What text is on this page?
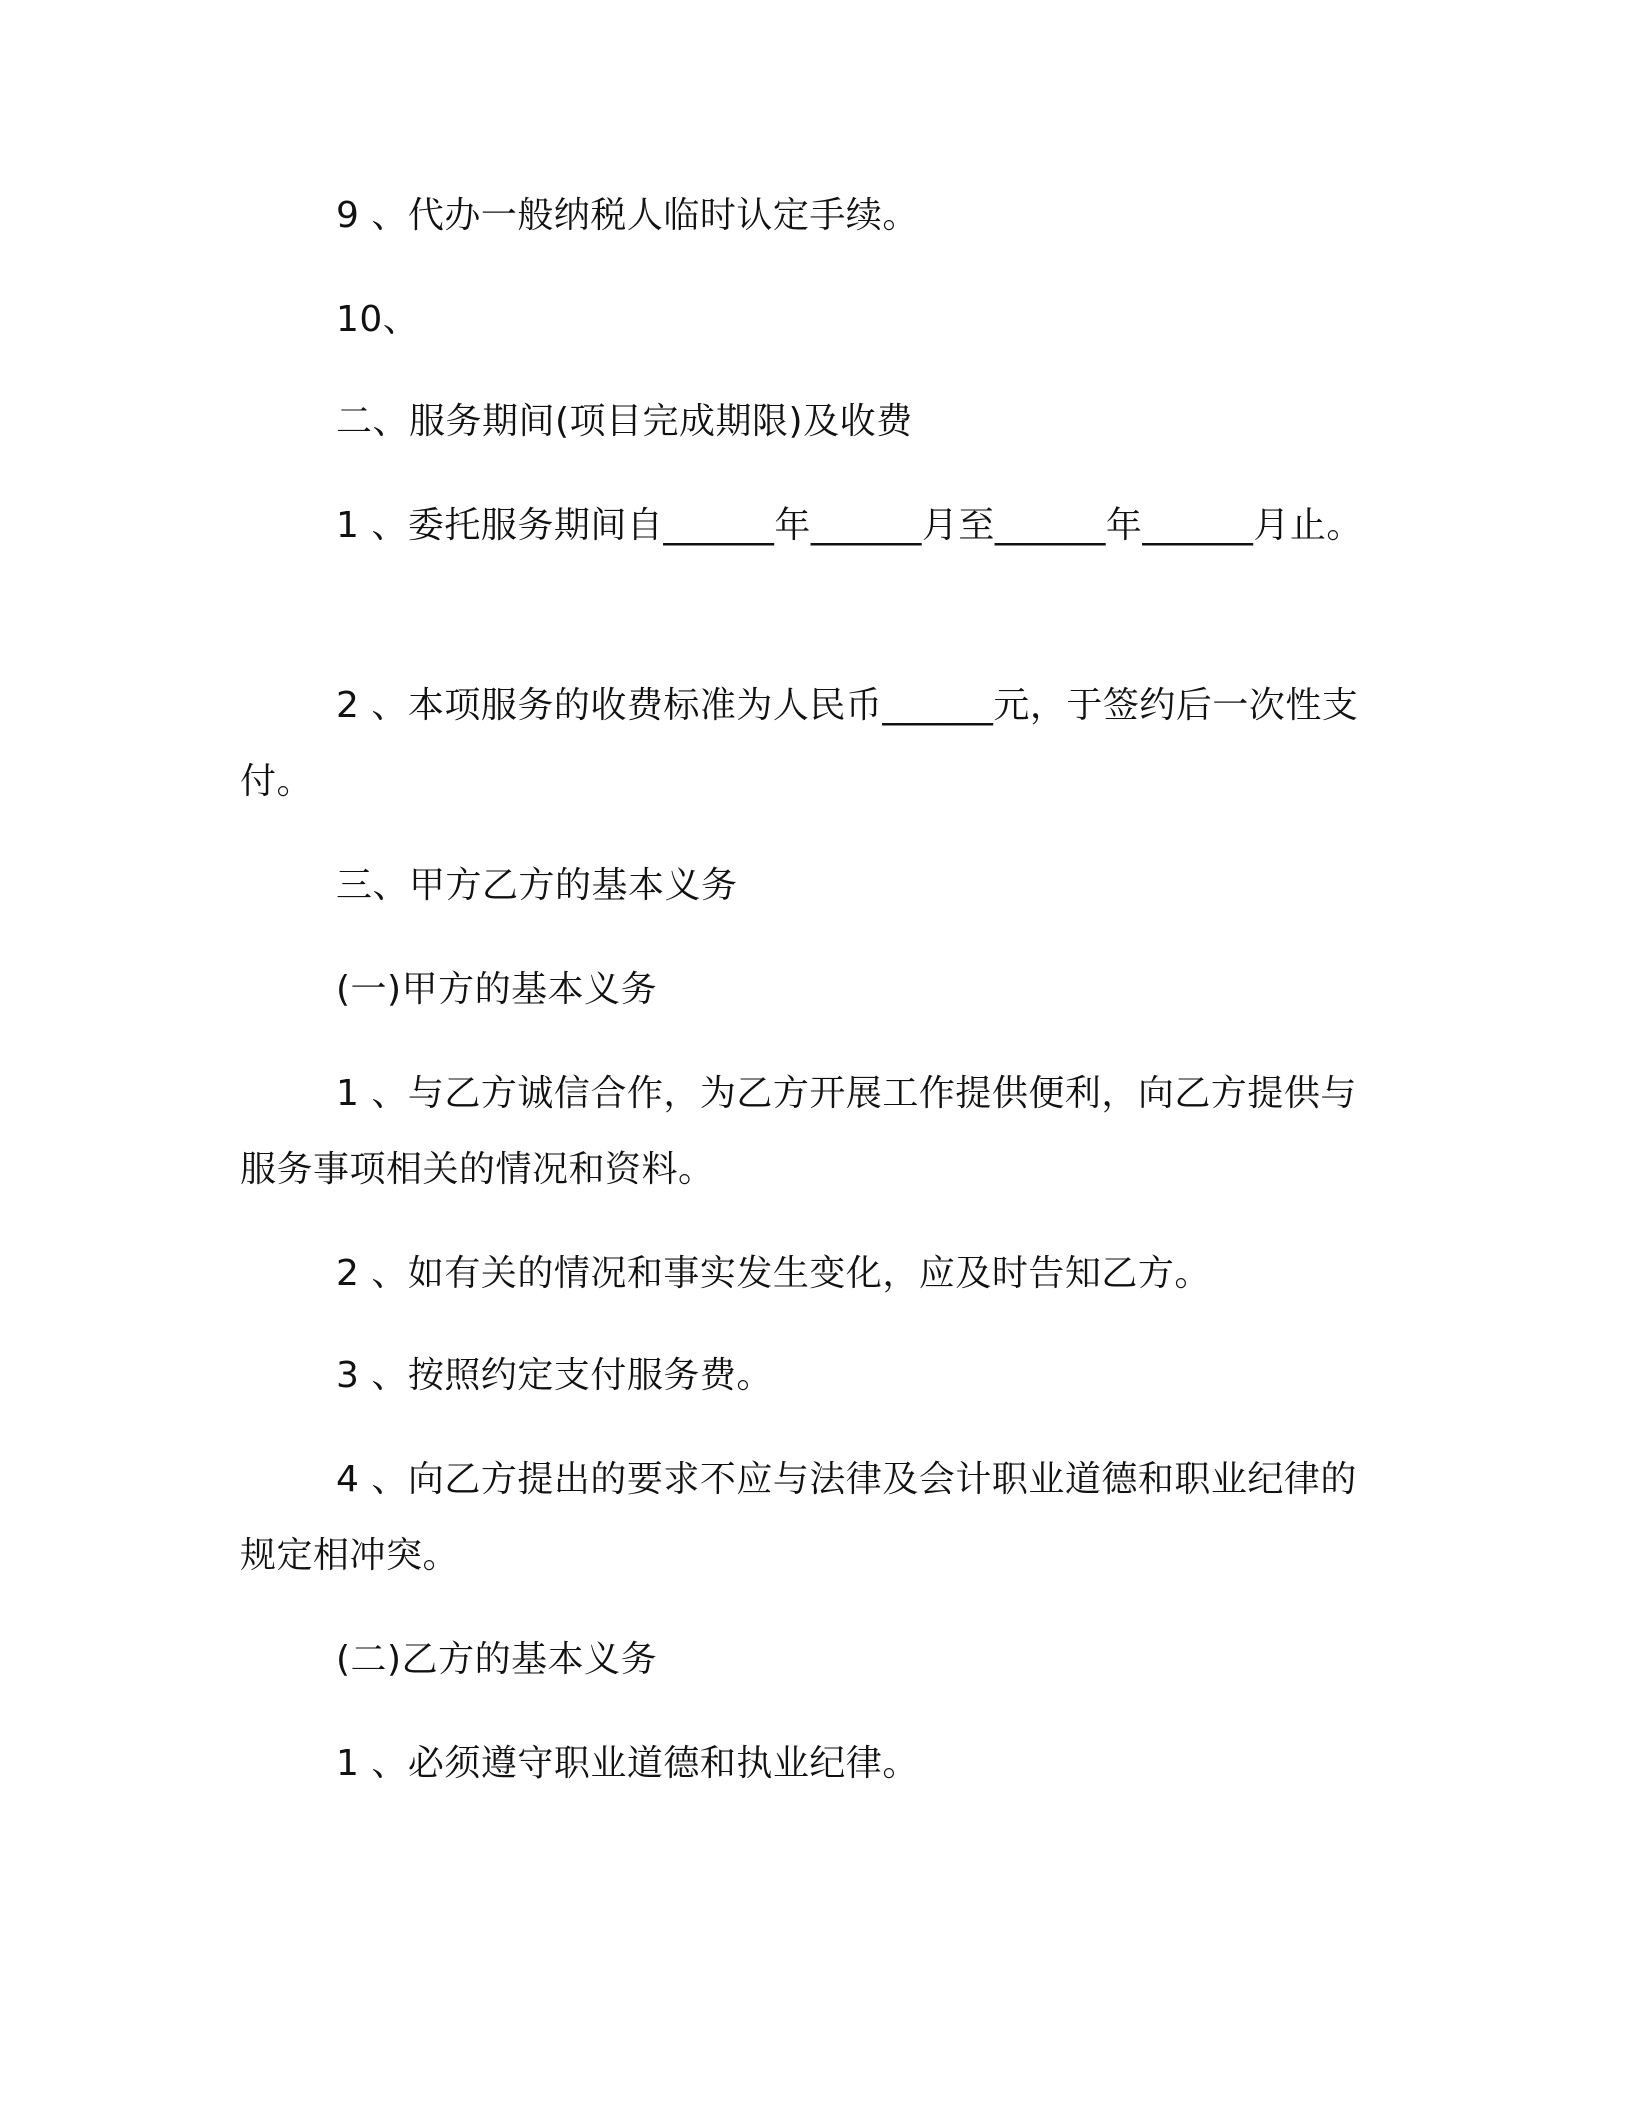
9 、代办一般纳税人临时认定手续。

10、

二、服务期间(项目完成期限)及收费

1 、委托服务期间自______年______月至______年______月止。

2 、本项服务的收费标准为人民币______元，于签约后一次性支付。

三、甲方乙方的基本义务

(一)甲方的基本义务

1 、与乙方诚信合作，为乙方开展工作提供便利，向乙方提供与服务事项相关的情况和资料。

2 、如有关的情况和事实发生变化，应及时告知乙方。

3 、按照约定支付服务费。

4 、向乙方提出的要求不应与法律及会计职业道德和职业纪律的规定相冲突。

(二)乙方的基本义务

1 、必须遵守职业道德和执业纪律。
